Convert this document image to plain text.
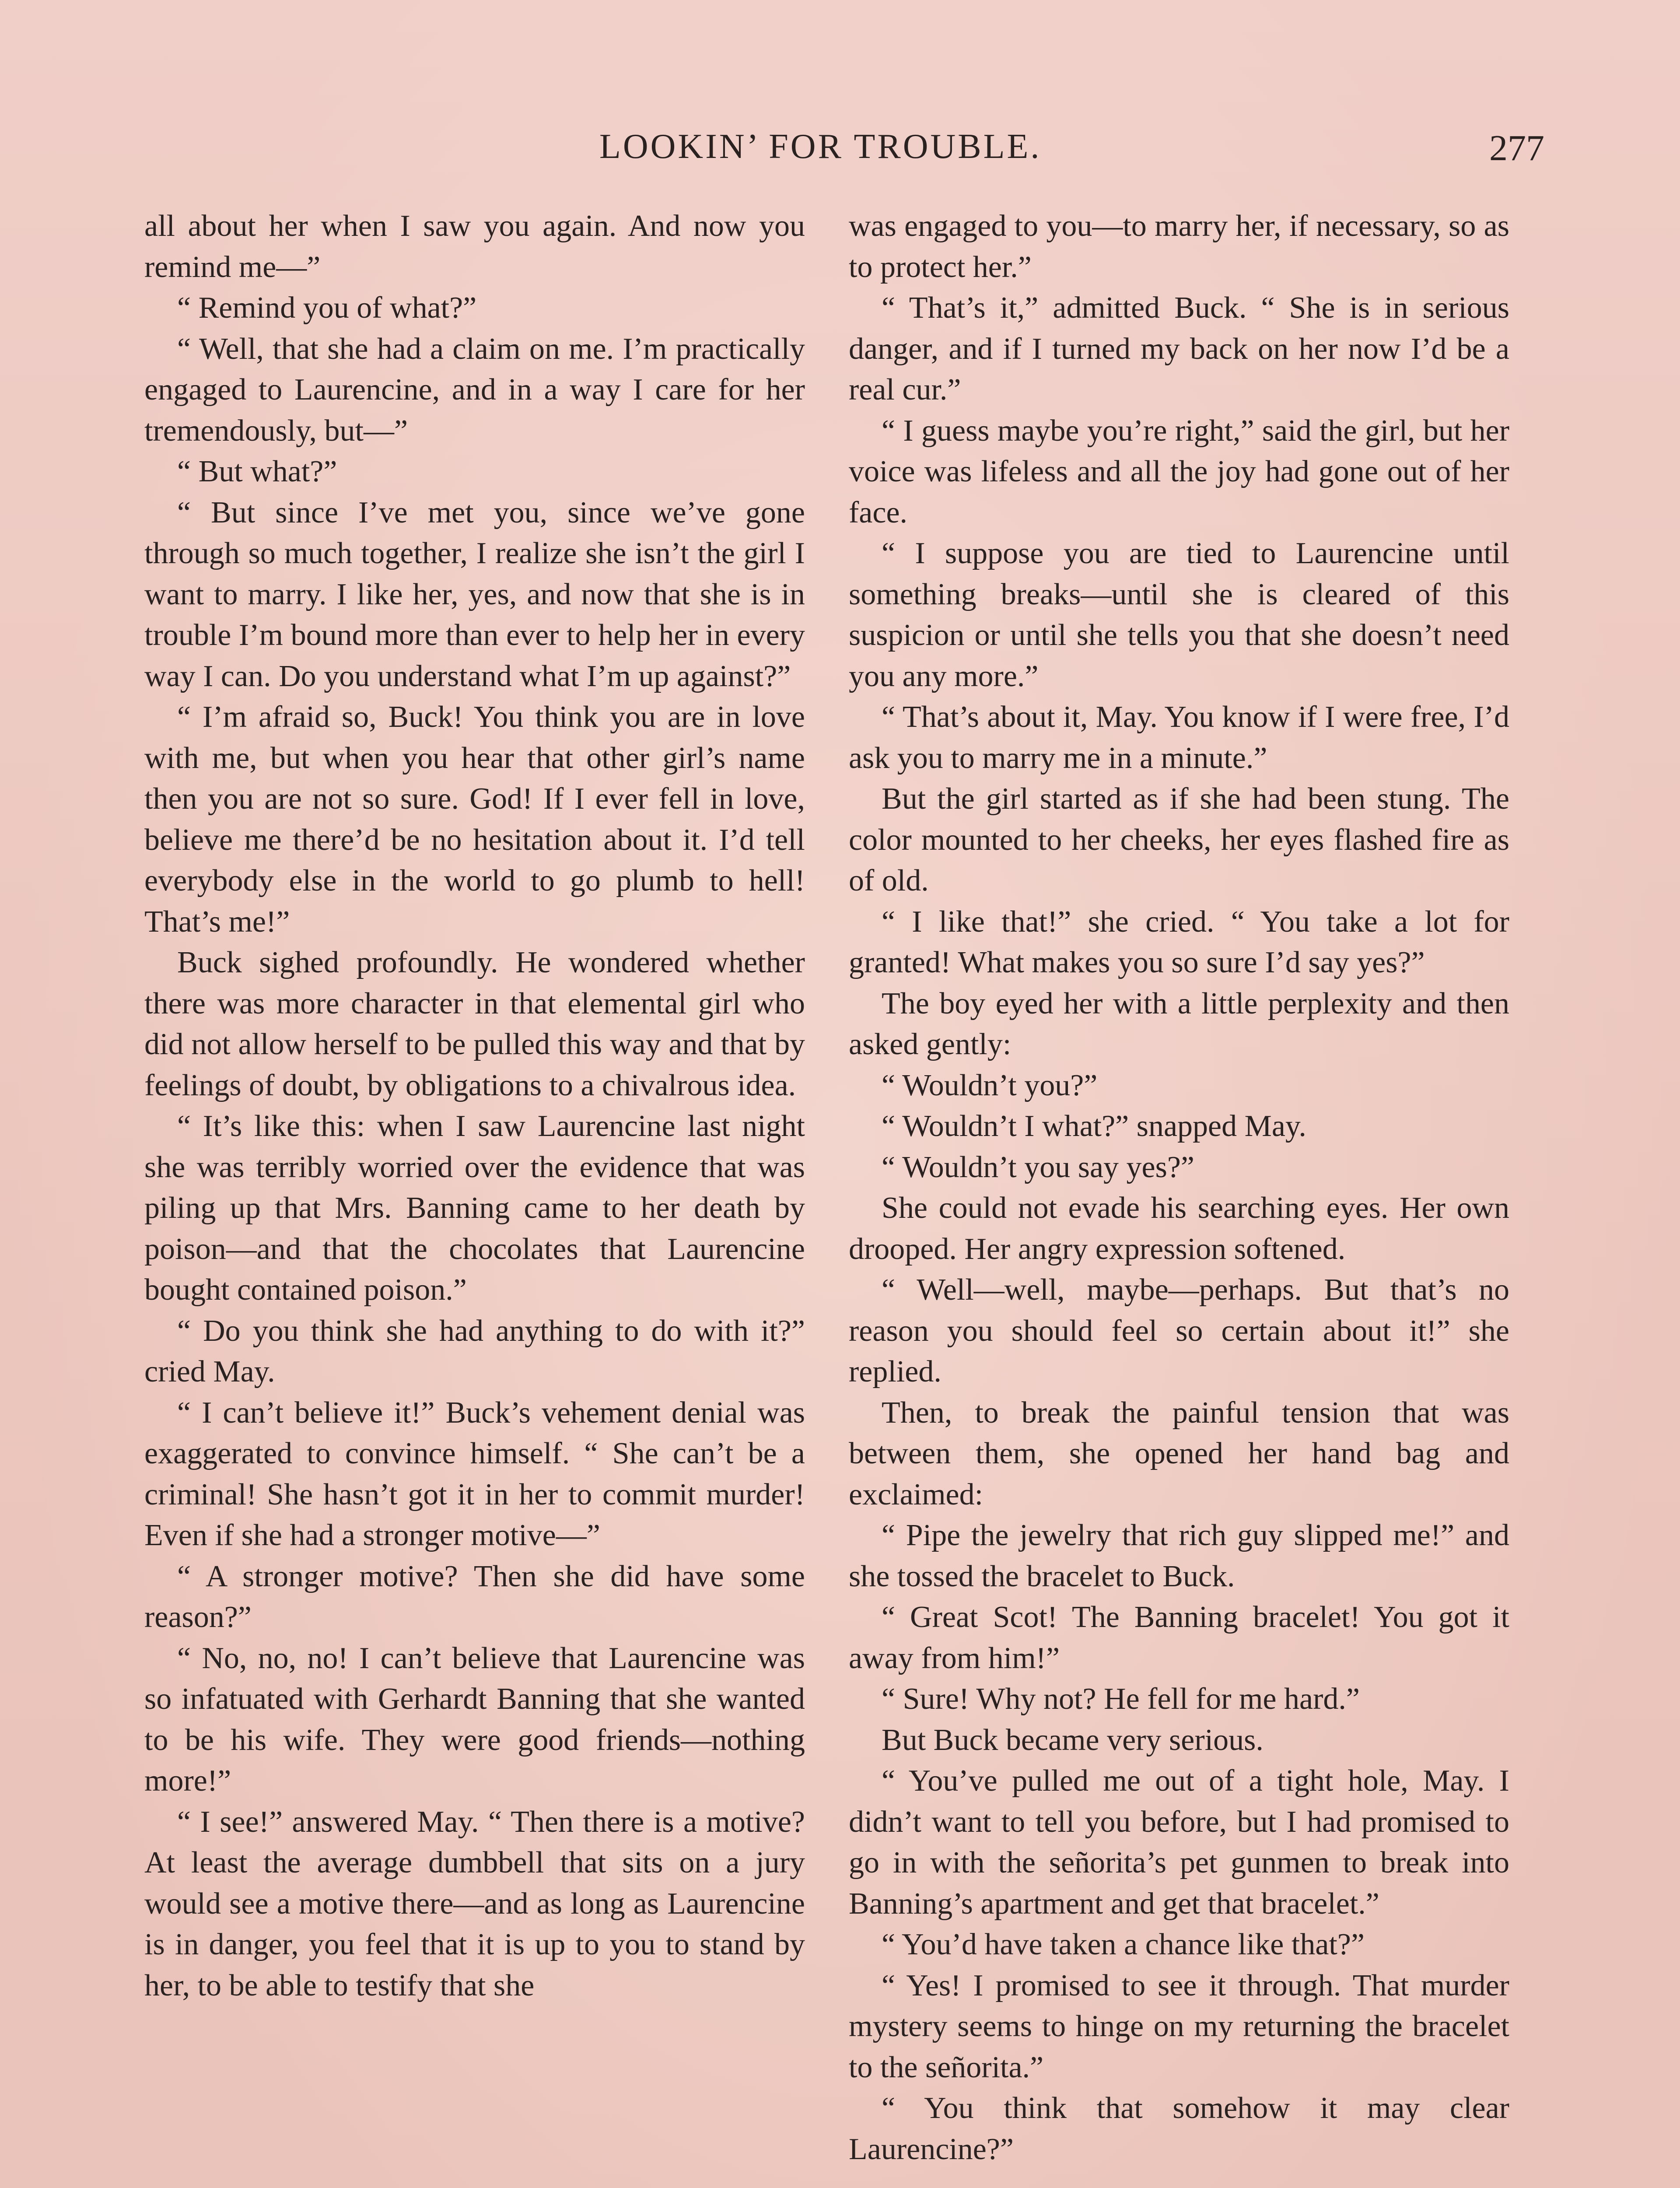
LOOKIN’ FOR TROUBLE.	277

all about her when I saw you again. And now you remind me—”

“ Remind you of what?”

“ Well, that she had a claim on me. I’m practically engaged to Laurencine, and in a way I care for her tremendously, but—”

“ But what?”

“ But since I’ve met you, since we’ve gone through so much together, I realize she isn’t the girl I want to marry. I like her, yes, and now that she is in trouble I’m bound more than ever to help her in every way I can. Do you understand what I’m up against?”

“ I’m afraid so, Buck! You think you are in love with me, but when you hear that other girl’s name then you are not so sure. God! If I ever fell in love, believe me there’d be no hesitation about it. I’d tell everybody else in the world to go plumb to hell! That’s me!”

Buck sighed profoundly. He wondered whether there was more character in that elemental girl who did not allow herself to be pulled this way and that by feelings of doubt, by obligations to a chivalrous idea.

“ It’s like this: when I saw Laurencine last night she was terribly worried over the evidence that was piling up that Mrs. Banning came to her death by poison—and that the chocolates that Laurencine bought contained poison.”

“ Do you think she had anything to do with it?” cried May.

“ I can’t believe it!” Buck’s vehement denial was exaggerated to convince himself. “ She can’t be a criminal! She hasn’t got it in her to commit murder! Even if she had a stronger motive—”

“ A stronger motive? Then she did have some reason?”

“ No, no, no! I can’t believe that Laurencine was so infatuated with Gerhardt Banning that she wanted to be his wife. They were good friends—nothing more!”

“ I see!” answered May. “ Then there is a motive? At least the average dumbbell that sits on a jury would see a motive there—and as long as Laurencine is in danger, you feel that it is up to you to stand by her, to be able to testify that she

was engaged to you—to marry her, if necessary, so as to protect her.”

“ That’s it,” admitted Buck. “ She is in serious danger, and if I turned my back on her now I’d be a real cur.”

“ I guess maybe you’re right,” said the girl, but her voice was lifeless and all the joy had gone out of her face.

“ I suppose you are tied to Laurencine until something breaks—until she is cleared of this suspicion or until she tells you that she doesn’t need you any more.”

“ That’s about it, May. You know if I were free, I’d ask you to marry me in a minute.”

But the girl started as if she had been stung. The color mounted to her cheeks, her eyes flashed fire as of old.

“ I like that!” she cried. “ You take a lot for granted! What makes you so sure I’d say yes?”

The boy eyed her with a little perplexity and then asked gently:

“ Wouldn’t you?”

“ Wouldn’t I what?” snapped May.

“ Wouldn’t you say yes?”

She could not evade his searching eyes. Her own drooped. Her angry expression softened.

“ Well—well, maybe—perhaps. But that’s no reason you should feel so certain about it!” she replied.

Then, to break the painful tension that was between them, she opened her hand bag and exclaimed:

“ Pipe the jewelry that rich guy slipped me!” and she tossed the bracelet to Buck.

“ Great Scot! The Banning bracelet! You got it away from him!”

“ Sure! Why not? He fell for me hard.”

But Buck became very serious.

“ You’ve pulled me out of a tight hole, May. I didn’t want to tell you before, but I had promised to go in with the señorita’s pet gunmen to break into Banning’s apartment and get that bracelet.”

“ You’d have taken a chance like that?”

“ Yes! I promised to see it through. That murder mystery seems to hinge on my returning the bracelet to the señorita.”

“ You think that somehow it may clear Laurencine?”
